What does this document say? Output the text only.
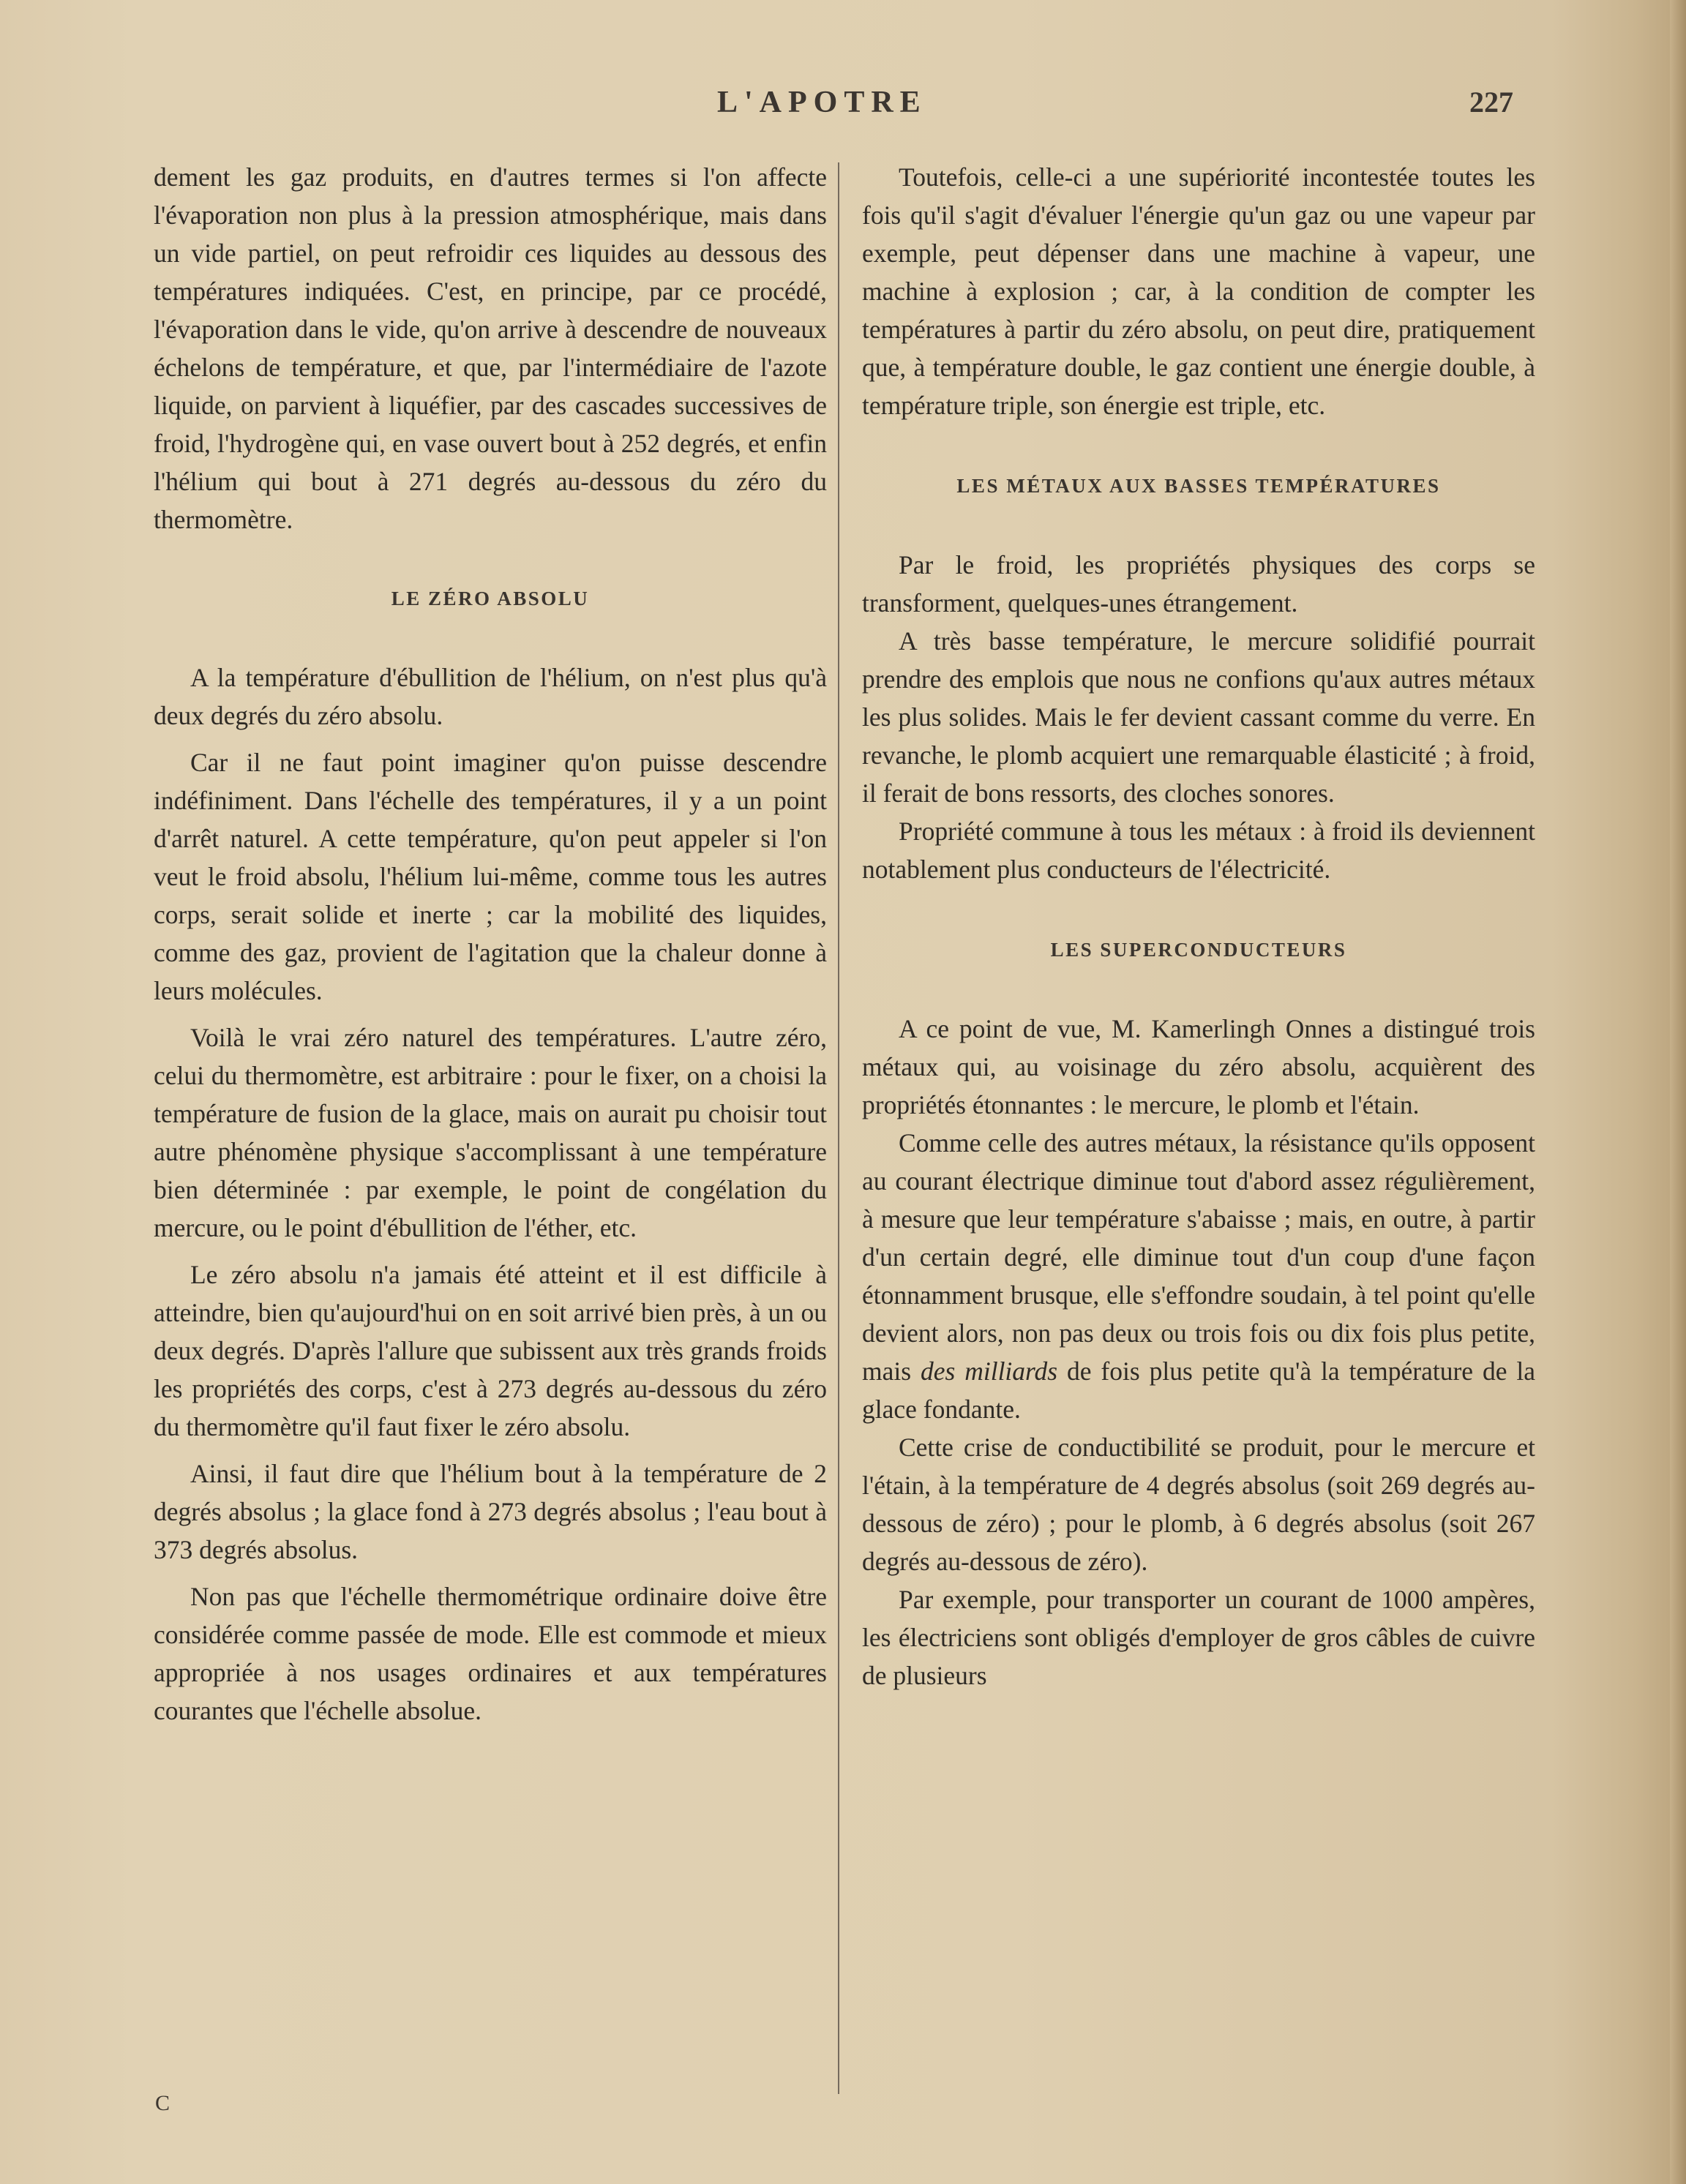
L'APOTRE	227

dement les gaz produits, en d'autres termes si l'on affecte l'évaporation non plus à la pression atmosphérique, mais dans un vide partiel, on peut refroidir ces liquides au dessous des températures indiquées. C'est, en principe, par ce procédé, l'évaporation dans le vide, qu'on arrive à descendre de nouveaux échelons de température, et que, par l'intermédiaire de l'azote liquide, on parvient à liquéfier, par des cascades successives de froid, l'hydrogène qui, en vase ouvert bout à 252 degrés, et enfin l'hélium qui bout à 271 degrés au-dessous du zéro du thermomètre.

LE ZÉRO ABSOLU

A la température d'ébullition de l'hélium, on n'est plus qu'à deux degrés du zéro absolu.

Car il ne faut point imaginer qu'on puisse descendre indéfiniment. Dans l'échelle des températures, il y a un point d'arrêt naturel. A cette température, qu'on peut appeler si l'on veut le froid absolu, l'hélium lui-même, comme tous les autres corps, serait solide et inerte ; car la mobilité des liquides, comme des gaz, provient de l'agitation que la chaleur donne à leurs molécules.

Voilà le vrai zéro naturel des températures. L'autre zéro, celui du thermomètre, est arbitraire : pour le fixer, on a choisi la température de fusion de la glace, mais on aurait pu choisir tout autre phénomène physique s'accomplissant à une température bien déterminée : par exemple, le point de congélation du mercure, ou le point d'ébullition de l'éther, etc.

Le zéro absolu n'a jamais été atteint et il est difficile à atteindre, bien qu'aujourd'hui on en soit arrivé bien près, à un ou deux degrés. D'après l'allure que subissent aux très grands froids les propriétés des corps, c'est à 273 degrés au-dessous du zéro du thermomètre qu'il faut fixer le zéro absolu.

Ainsi, il faut dire que l'hélium bout à la température de 2 degrés absolus ; la glace fond à 273 degrés absolus ; l'eau bout à 373 degrés absolus.

Non pas que l'échelle thermométrique ordinaire doive être considérée comme passée de mode. Elle est commode et mieux appropriée à nos usages ordinaires et aux températures courantes que l'échelle absolue.

Toutefois, celle-ci a une supériorité incontestée toutes les fois qu'il s'agit d'évaluer l'énergie qu'un gaz ou une vapeur par exemple, peut dépenser dans une machine à vapeur, une machine à explosion ; car, à la condition de compter les températures à partir du zéro absolu, on peut dire, pratiquement que, à température double, le gaz contient une énergie double, à température triple, son énergie est triple, etc.

LES MÉTAUX AUX BASSES TEMPÉRATURES

Par le froid, les propriétés physiques des corps se transforment, quelques-unes étrangement.

A très basse température, le mercure solidifié pourrait prendre des emplois que nous ne confions qu'aux autres métaux les plus solides. Mais le fer devient cassant comme du verre. En revanche, le plomb acquiert une remarquable élasticité ; à froid, il ferait de bons ressorts, des cloches sonores.

Propriété commune à tous les métaux : à froid ils deviennent notablement plus conducteurs de l'électricité.

LES SUPERCONDUCTEURS

A ce point de vue, M. Kamerlingh Onnes a distingué trois métaux qui, au voisinage du zéro absolu, acquièrent des propriétés étonnantes : le mercure, le plomb et l'étain.

Comme celle des autres métaux, la résistance qu'ils opposent au courant électrique diminue tout d'abord assez régulièrement, à mesure que leur température s'abaisse ; mais, en outre, à partir d'un certain degré, elle diminue tout d'un coup d'une façon étonnamment brusque, elle s'effondre soudain, à tel point qu'elle devient alors, non pas deux ou trois fois ou dix fois plus petite, mais des milliards de fois plus petite qu'à la température de la glace fondante.

Cette crise de conductibilité se produit, pour le mercure et l'étain, à la température de 4 degrés absolus (soit 269 degrés au-dessous de zéro) ; pour le plomb, à 6 degrés absolus (soit 267 degrés au-dessous de zéro).

Par exemple, pour transporter un courant de 1000 ampères, les électriciens sont obligés d'employer de gros câbles de cuivre de plusieurs

C
